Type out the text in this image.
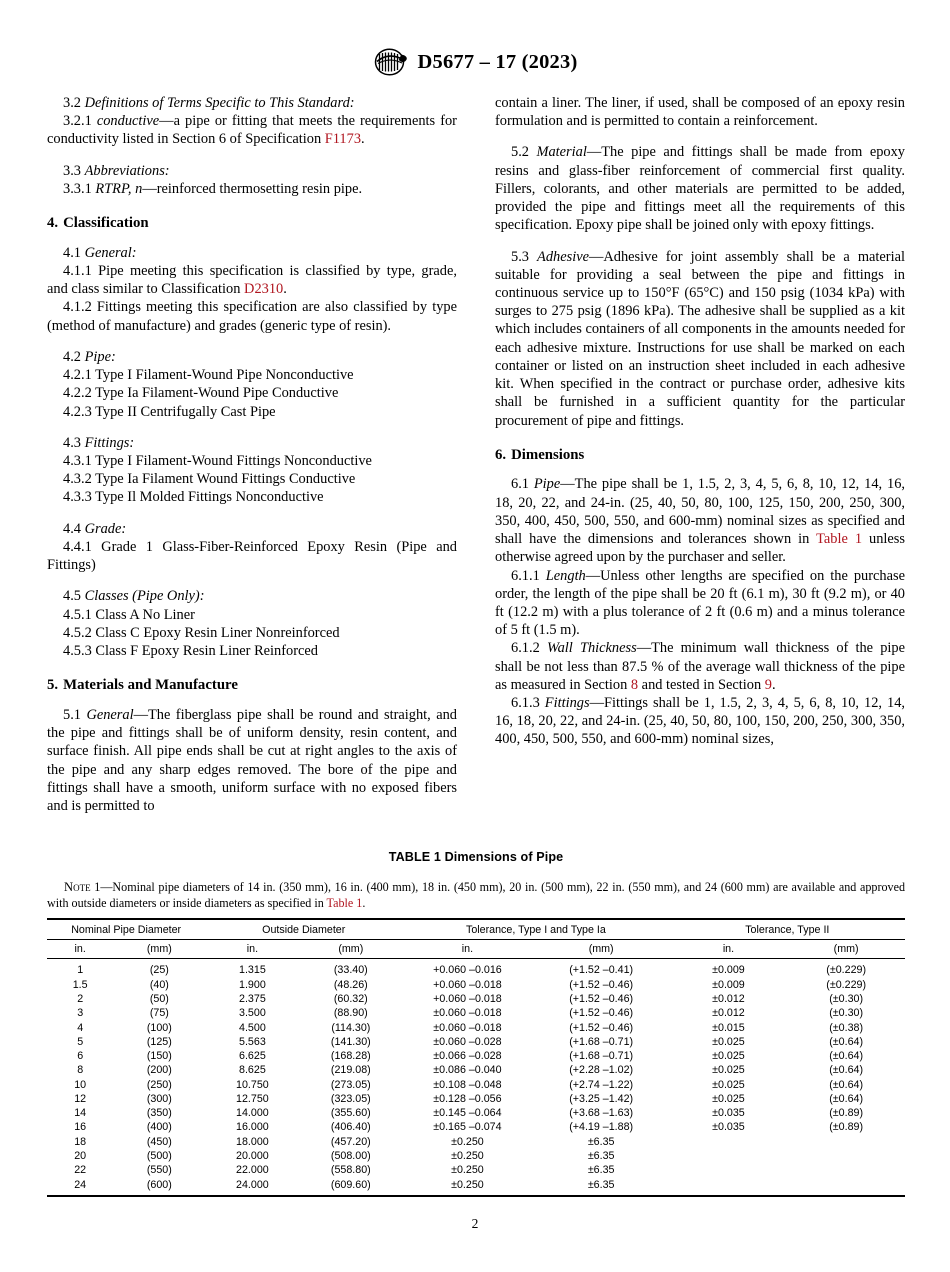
D5677 – 17 (2023)

3.2 Definitions of Terms Specific to This Standard:

3.2.1 conductive—a pipe or fitting that meets the requirements for conductivity listed in Section 6 of Specification F1173.

3.3 Abbreviations:

3.3.1 RTRP, n—reinforced thermosetting resin pipe.

4. Classification

4.1 General:

4.1.1 Pipe meeting this specification is classified by type, grade, and class similar to Classification D2310.

4.1.2 Fittings meeting this specification are also classified by type (method of manufacture) and grades (generic type of resin).

4.2 Pipe:

4.2.1 Type I Filament-Wound Pipe Nonconductive

4.2.2 Type Ia Filament-Wound Pipe Conductive

4.2.3 Type II Centrifugally Cast Pipe

4.3 Fittings:

4.3.1 Type I Filament-Wound Fittings Nonconductive

4.3.2 Type Ia Filament Wound Fittings Conductive

4.3.3 Type Il Molded Fittings Nonconductive

4.4 Grade:

4.4.1 Grade 1 Glass-Fiber-Reinforced Epoxy Resin (Pipe and Fittings)

4.5 Classes (Pipe Only):

4.5.1 Class A No Liner

4.5.2 Class C Epoxy Resin Liner Nonreinforced

4.5.3 Class F Epoxy Resin Liner Reinforced

5. Materials and Manufacture

5.1 General—The fiberglass pipe shall be round and straight, and the pipe and fittings shall be of uniform density, resin content, and surface finish. All pipe ends shall be cut at right angles to the axis of the pipe and any sharp edges removed. The bore of the pipe and fittings shall have a smooth, uniform surface with no exposed fibers and is permitted to

contain a liner. The liner, if used, shall be composed of an epoxy resin formulation and is permitted to contain a reinforcement.

5.2 Material—The pipe and fittings shall be made from epoxy resins and glass-fiber reinforcement of commercial first quality. Fillers, colorants, and other materials are permitted to be added, provided the pipe and fittings meet all the requirements of this specification. Epoxy pipe shall be joined only with epoxy fittings.

5.3 Adhesive—Adhesive for joint assembly shall be a material suitable for providing a seal between the pipe and fittings in continuous service up to 150°F (65°C) and 150 psig (1034 kPa) with surges to 275 psig (1896 kPa). The adhesive shall be supplied as a kit which includes containers of all components in the amounts needed for each adhesive mixture. Instructions for use shall be marked on each container or listed on an instruction sheet included in each adhesive kit. When specified in the contract or purchase order, adhesive kits shall be furnished in a sufficient quantity for the particular procurement of pipe and fittings.

6. Dimensions

6.1 Pipe—The pipe shall be 1, 1.5, 2, 3, 4, 5, 6, 8, 10, 12, 14, 16, 18, 20, 22, and 24-in. (25, 40, 50, 80, 100, 125, 150, 200, 250, 300, 350, 400, 450, 500, 550, and 600-mm) nominal sizes as specified and shall have the dimensions and tolerances shown in Table 1 unless otherwise agreed upon by the purchaser and seller.

6.1.1 Length—Unless other lengths are specified on the purchase order, the length of the pipe shall be 20 ft (6.1 m), 30 ft (9.2 m), or 40 ft (12.2 m) with a plus tolerance of 2 ft (0.6 m) and a minus tolerance of 5 ft (1.5 m).

6.1.2 Wall Thickness—The minimum wall thickness of the pipe shall be not less than 87.5 % of the average wall thickness of the pipe as measured in Section 8 and tested in Section 9.

6.1.3 Fittings—Fittings shall be 1, 1.5, 2, 3, 4, 5, 6, 8, 10, 12, 14, 16, 18, 20, 22, and 24-in. (25, 40, 50, 80, 100, 150, 200, 250, 300, 350, 400, 450, 500, 550, and 600-mm) nominal sizes,

TABLE 1 Dimensions of Pipe
Note 1—Nominal pipe diameters of 14 in. (350 mm), 16 in. (400 mm), 18 in. (450 mm), 20 in. (500 mm), 22 in. (550 mm), and 24 (600 mm) are available and approved with outside diameters or inside diameters as specified in Table 1.
Nominal Pipe Diameter		Outside Diameter		Tolerance, Type I and Type Ia		Tolerance, Type II	
in.	(mm)	in.	(mm)	in.	(mm)	in.	(mm)
1	(25)	1.315	(33.40)	+0.060 –0.016	(+1.52 –0.41)	±0.009	(±0.229)
1.5	(40)	1.900	(48.26)	+0.060 –0.018	(+1.52 –0.46)	±0.009	(±0.229)
2	(50)	2.375	(60.32)	+0.060 –0.018	(+1.52 –0.46)	±0.012	(±0.30)
3	(75)	3.500	(88.90)	±0.060 –0.018	(+1.52 –0.46)	±0.012	(±0.30)
4	(100)	4.500	(114.30)	±0.060 –0.018	(+1.52 –0.46)	±0.015	(±0.38)
5	(125)	5.563	(141.30)	±0.060 –0.028	(+1.68 –0.71)	±0.025	(±0.64)
6	(150)	6.625	(168.28)	±0.066 –0.028	(+1.68 –0.71)	±0.025	(±0.64)
8	(200)	8.625	(219.08)	±0.086 –0.040	(+2.28 –1.02)	±0.025	(±0.64)
10	(250)	10.750	(273.05)	±0.108 –0.048	(+2.74 –1.22)	±0.025	(±0.64)
12	(300)	12.750	(323.05)	±0.128 –0.056	(+3.25 –1.42)	±0.025	(±0.64)
14	(350)	14.000	(355.60)	±0.145 –0.064	(+3.68 –1.63)	±0.035	(±0.89)
16	(400)	16.000	(406.40)	±0.165 –0.074	(+4.19 –1.88)	±0.035	(±0.89)
18	(450)	18.000	(457.20)	±0.250	±6.35		
20	(500)	20.000	(508.00)	±0.250	±6.35		
22	(550)	22.000	(558.80)	±0.250	±6.35		
24	(600)	24.000	(609.60)	±0.250	±6.35		

2
